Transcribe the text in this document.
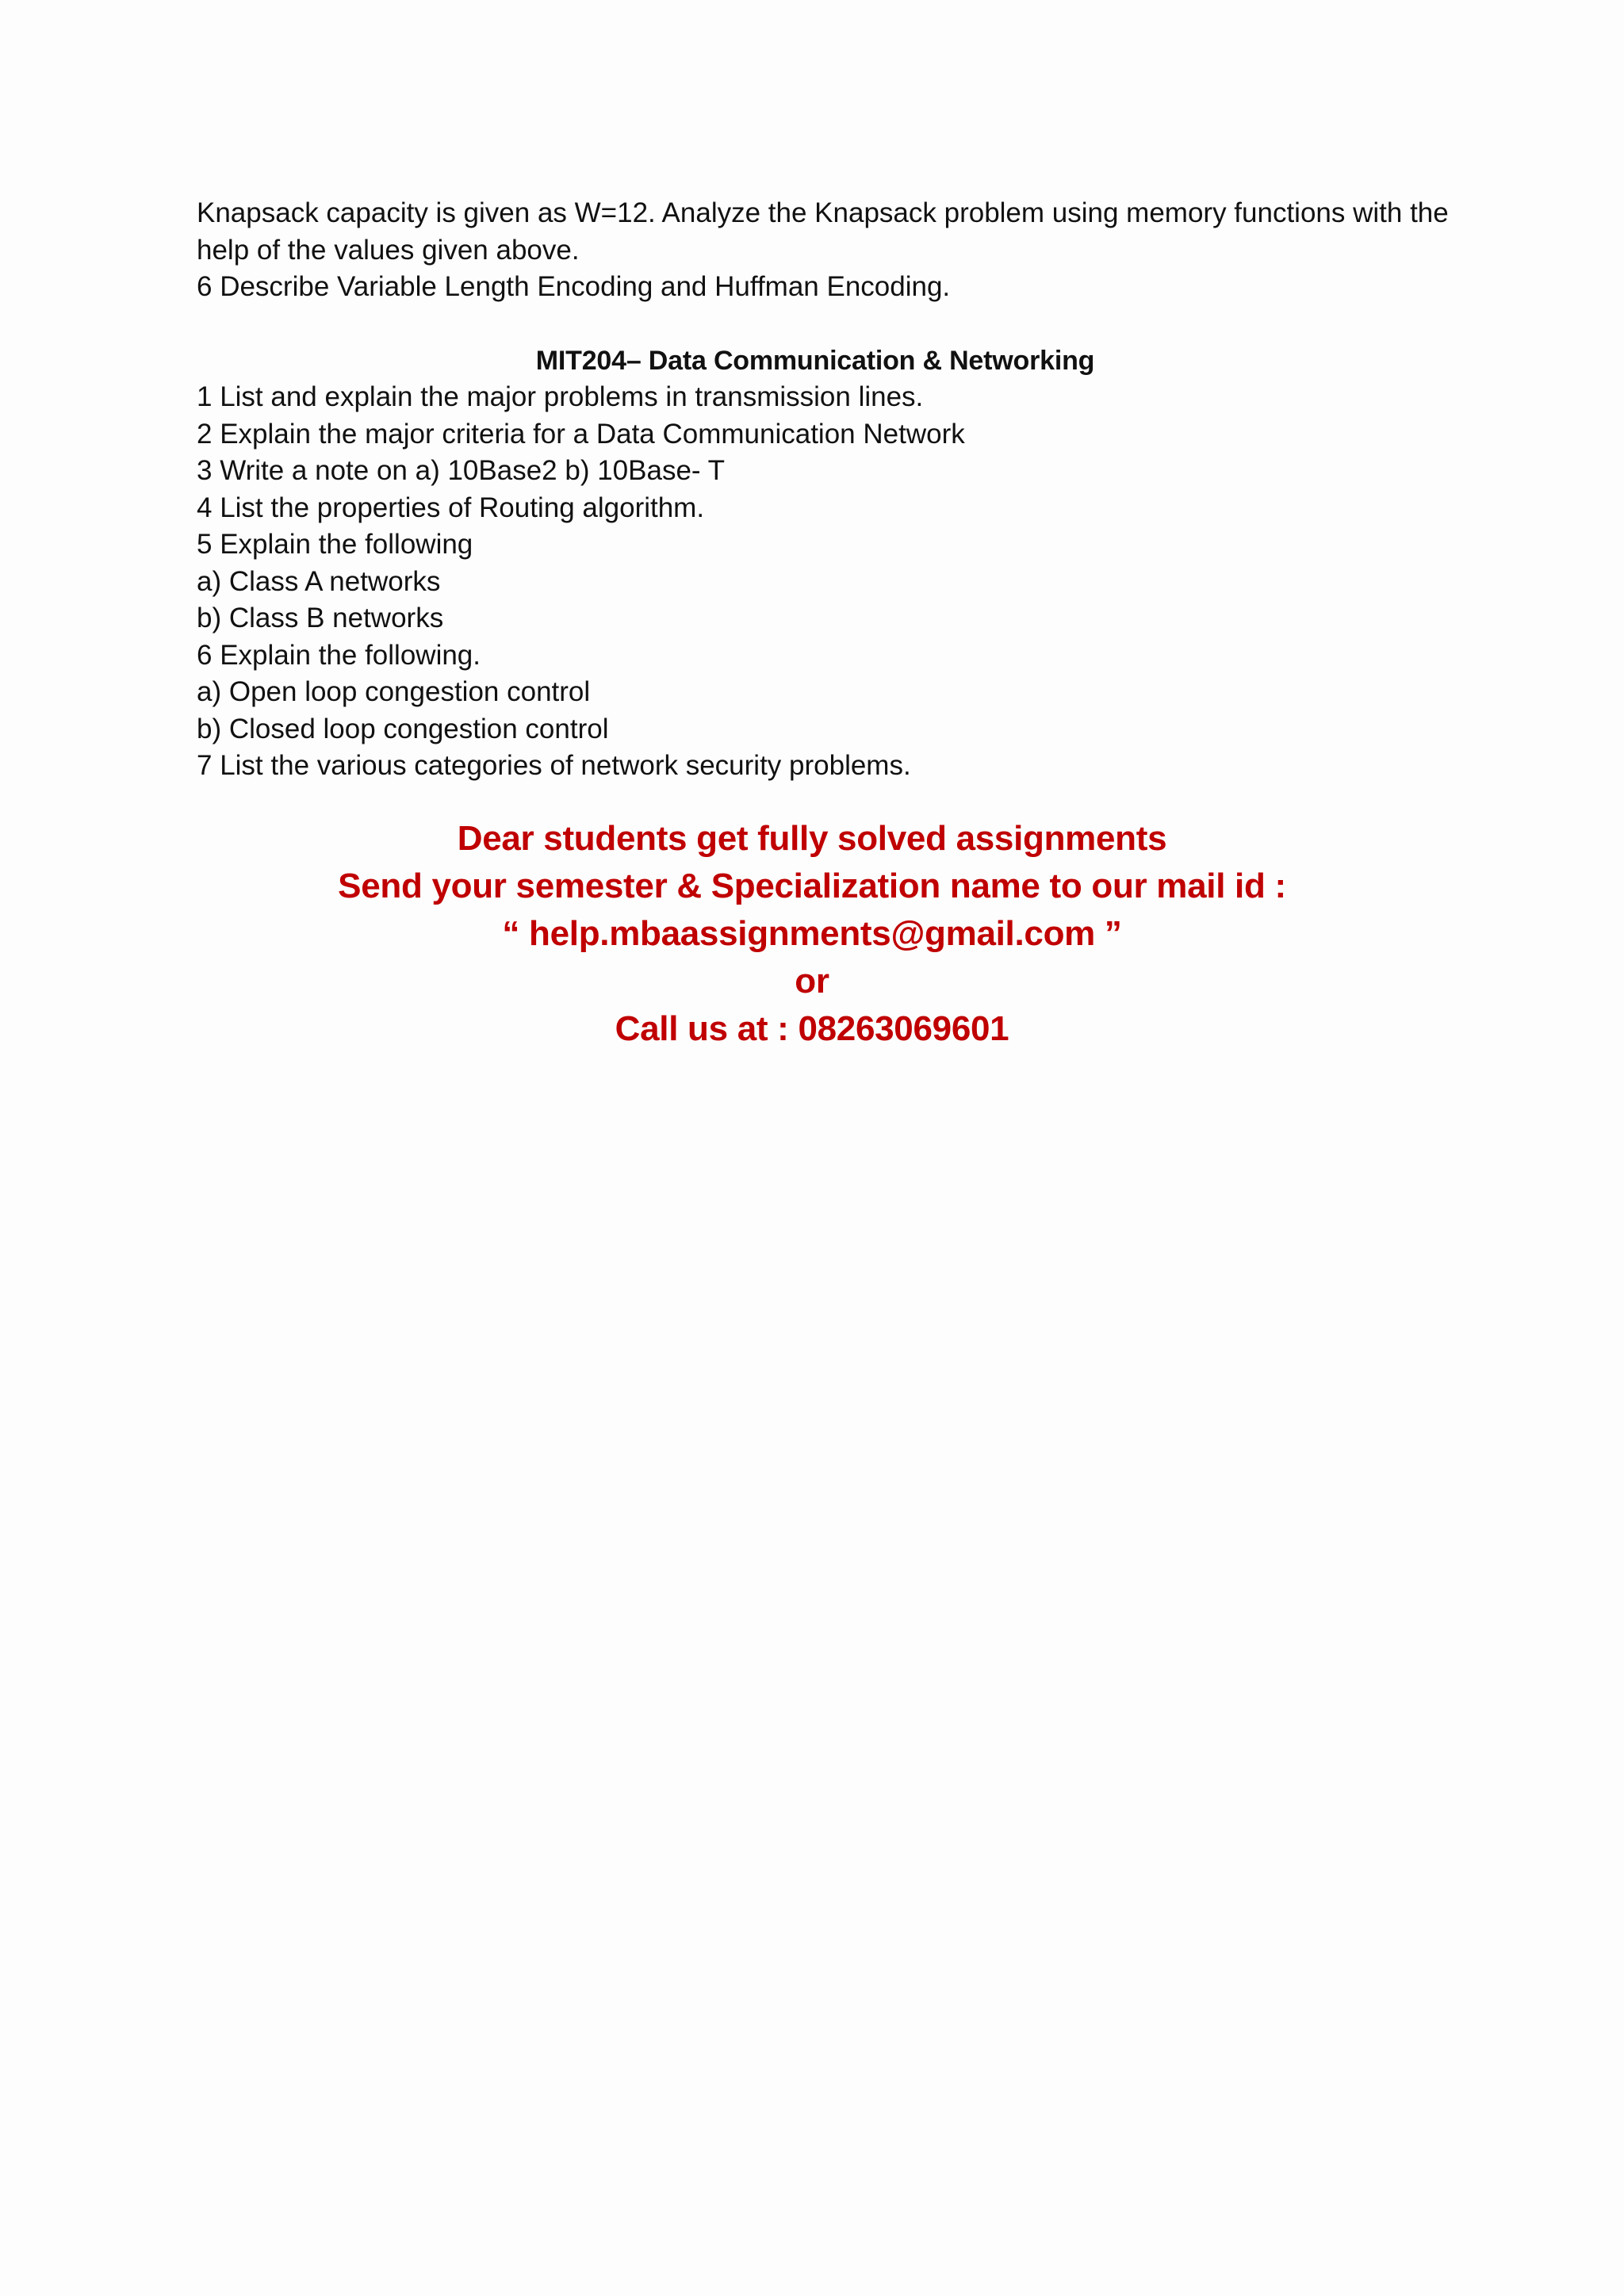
Knapsack capacity is given as W=12. Analyze the Knapsack problem using memory functions with the

help of the values given above.

6 Describe Variable Length Encoding and Huffman Encoding.

MIT204– Data Communication & Networking

1 List and explain the major problems in transmission lines.

2 Explain the major criteria for a Data Communication Network

3 Write a note on a) 10Base2 b) 10Base- T

4 List the properties of Routing algorithm.

5 Explain the following

a) Class A networks

b) Class B networks

6 Explain the following.

a) Open loop congestion control

b) Closed loop congestion control

7 List the various categories of network security problems.

Dear students get fully solved assignments

Send your semester & Specialization name to our mail id :

“ help.mbaassignments@gmail.com ”

or

Call us at : 08263069601
